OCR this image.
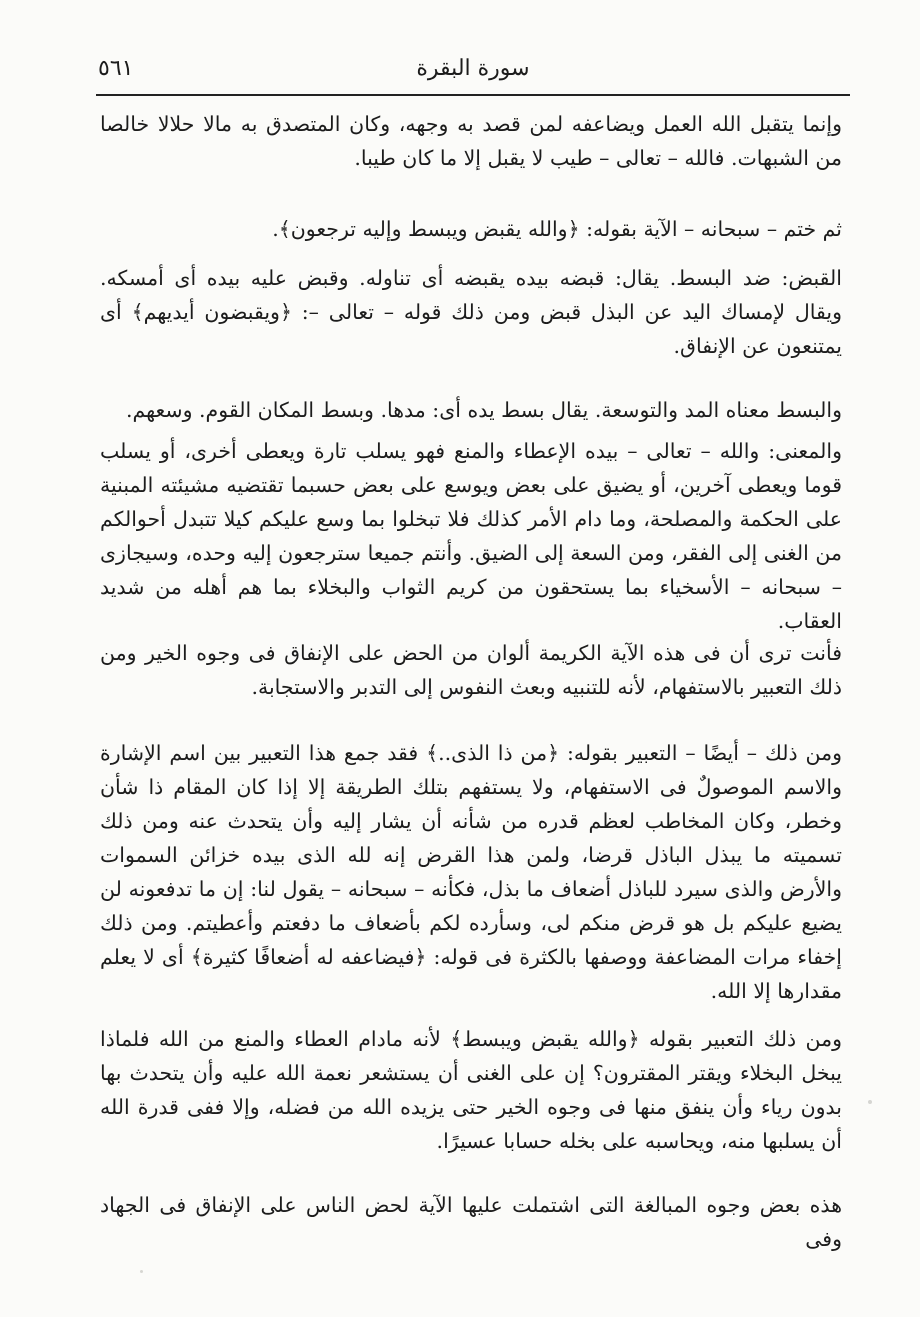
سورة البقرة
٥٦١

وإنما يتقبل الله العمل ويضاعفه لمن قصد به وجهه، وكان المتصدق به مالا حلالا خالصا من الشبهات. فالله – تعالى – طيب لا يقبل إلا ما كان طيبا.

ثم ختم – سبحانه – الآية بقوله: ﴿والله يقبض ويبسط وإليه ترجعون﴾.

القبض: ضد البسط. يقال: قبضه بيده يقبضه أى تناوله. وقبض عليه بيده أى أمسكه. ويقال لإمساك اليد عن البذل قبض ومن ذلك قوله – تعالى –: ﴿ويقبضون أيديهم﴾ أى يمتنعون عن الإنفاق.

والبسط معناه المد والتوسعة. يقال بسط يده أى: مدها. وبسط المكان القوم. وسعهم.

والمعنى: والله – تعالى – بيده الإعطاء والمنع فهو يسلب تارة ويعطى أخرى، أو يسلب قوما ويعطى آخرين، أو يضيق على بعض ويوسع على بعض حسبما تقتضيه مشيئته المبنية على الحكمة والمصلحة، وما دام الأمر كذلك فلا تبخلوا بما وسع عليكم كيلا تتبدل أحوالكم من الغنى إلى الفقر، ومن السعة إلى الضيق. وأنتم جميعا سترجعون إليه وحده، وسيجازى – سبحانه – الأسخياء بما يستحقون من كريم الثواب والبخلاء بما هم أهله من شديد العقاب.

فأنت ترى أن فى هذه الآية الكريمة ألوان من الحض على الإنفاق فى وجوه الخير ومن ذلك التعبير بالاستفهام، لأنه للتنبيه وبعث النفوس إلى التدبر والاستجابة.

ومن ذلك – أيضًا – التعبير بقوله: ﴿من ذا الذى..﴾ فقد جمع هذا التعبير بين اسم الإشارة والاسم الموصولٌ فى الاستفهام، ولا يستفهم بتلك الطريقة إلا إذا كان المقام ذا شأن وخطر، وكان المخاطب لعظم قدره من شأنه أن يشار إليه وأن يتحدث عنه ومن ذلك تسميته ما يبذل الباذل قرضا، ولمن هذا القرض إنه لله الذى بيده خزائن السموات والأرض والذى سيرد للباذل أضعاف ما بذل، فكأنه – سبحانه – يقول لنا: إن ما تدفعونه لن يضيع عليكم بل هو قرض منكم لى، وسأرده لكم بأضعاف ما دفعتم وأعطيتم. ومن ذلك إخفاء مرات المضاعفة ووصفها بالكثرة فى قوله: ﴿فيضاعفه له أضعافًا كثيرة﴾ أى لا يعلم مقدارها إلا الله.

ومن ذلك التعبير بقوله ﴿والله يقبض ويبسط﴾ لأنه مادام العطاء والمنع من الله فلماذا يبخل البخلاء ويقتر المقترون؟ إن على الغنى أن يستشعر نعمة الله عليه وأن يتحدث بها بدون رياء وأن ينفق منها فى وجوه الخير حتى يزيده الله من فضله، وإلا ففى قدرة الله أن يسلبها منه، ويحاسبه على بخله حسابا عسيرًا.

هذه بعض وجوه المبالغة التى اشتملت عليها الآية لحض الناس على الإنفاق فى الجهاد وفى
